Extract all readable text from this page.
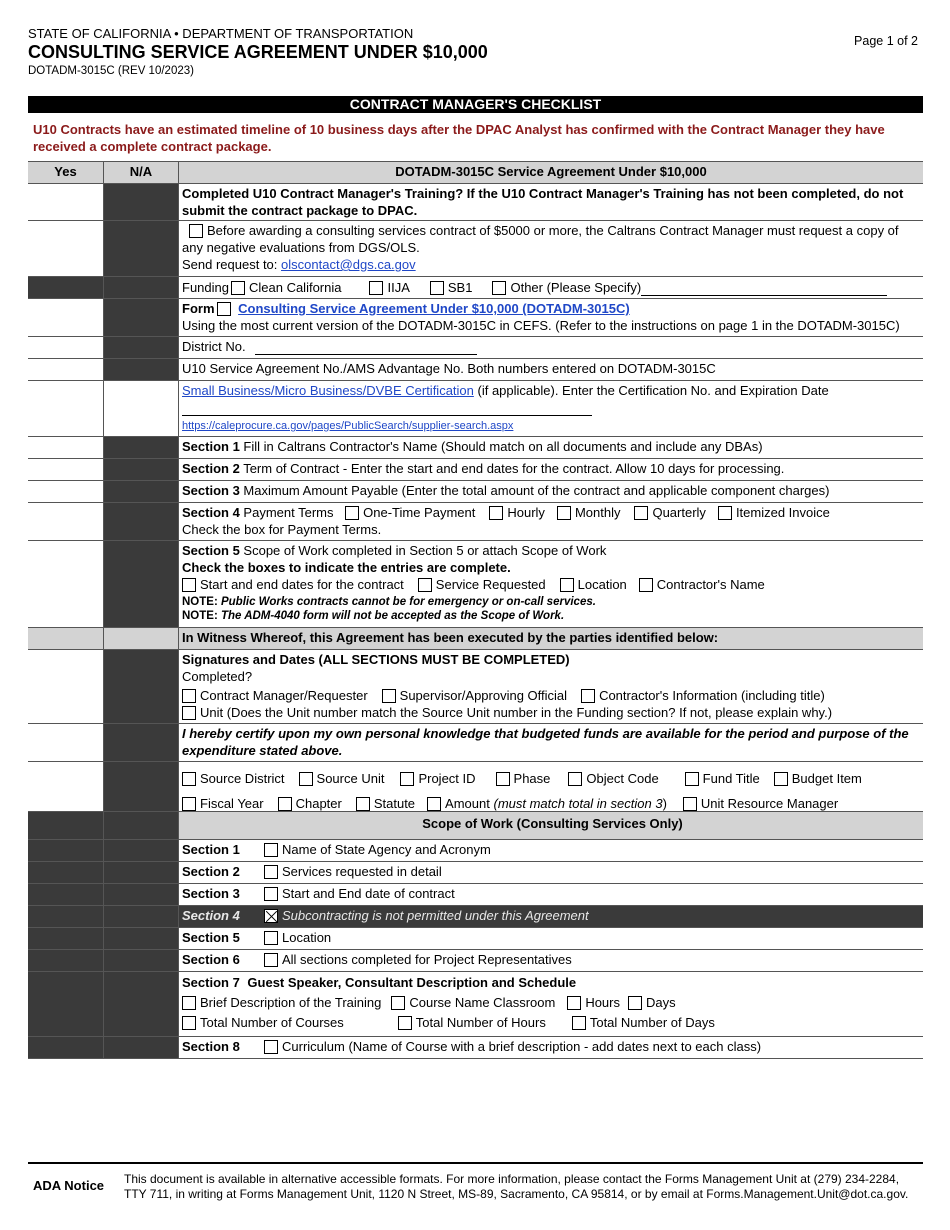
STATE OF CALIFORNIA • DEPARTMENT OF TRANSPORTATION
CONSULTING SERVICE AGREEMENT UNDER $10,000
DOTADM-3015C (REV 10/2023)
Page 1 of 2
CONTRACT MANAGER'S CHECKLIST
U10 Contracts have an estimated timeline of 10 business days after the DPAC Analyst has confirmed with the Contract Manager they have received a complete contract package.
Yes	N/A	DOTADM-3015C Service Agreement Under $10,000
Completed U10 Contract Manager's Training? If the U10 Contract Manager's Training has not been completed, do not submit the contract package to DPAC.
Before awarding a consulting services contract of $5000 or more, the Caltrans Contract Manager must request a copy of any negative evaluations from DGS/OLS.
Send request to: olscontact@dgs.ca.gov
Funding Clean California	IIJA	SB1	Other (Please Specify)
Form Consulting Service Agreement Under $10,000 (DOTADM-3015C)
Using the most current version of the DOTADM-3015C in CEFS. (Refer to the instructions on page 1 in the DOTADM-3015C)
District No.
U10 Service Agreement No./AMS Advantage No. Both numbers entered on DOTADM-3015C
Small Business/Micro Business/DVBE Certification (if applicable). Enter the Certification No. and Expiration Date

https://caleprocure.ca.gov/pages/PublicSearch/supplier-search.aspx
Section 1 Fill in Caltrans Contractor's Name (Should match on all documents and include any DBAs)
Section 2 Term of Contract - Enter the start and end dates for the contract. Allow 10 days for processing.
Section 3 Maximum Amount Payable (Enter the total amount of the contract and applicable component charges)
Section 4 Payment Terms One-Time Payment Hourly Monthly Quarterly Itemized Invoice
Check the box for Payment Terms.
Section 5 Scope of Work completed in Section 5 or attach Scope of Work
Check the boxes to indicate the entries are complete.
Start and end dates for the contract Service Requested Location Contractor's Name

NOTE: Public Works contracts cannot be for emergency or on-call services.
NOTE: The ADM-4040 form will not be accepted as the Scope of Work.
In Witness Whereof, this Agreement has been executed by the parties identified below:
Signatures and Dates (ALL SECTIONS MUST BE COMPLETED)
Completed?
Contract Manager/Requester Supervisor/Approving Official Contractor's Information (including title)
Unit (Does the Unit number match the Source Unit number in the Funding section? If not, please explain why.)
I hereby certify upon my own personal knowledge that budgeted funds are available for the period and purpose of the expenditure stated above.
Source District Source Unit	Project ID	Phase	Object Code	Fund Title Budget Item
Fiscal Year Chapter Statute Amount (must match total in section 3)	Unit Resource Manager
Scope of Work (Consulting Services Only)
Section 1	Name of State Agency and Acronym
Section 2	Services requested in detail
Section 3	Start and End date of contract
Section 4	Subcontracting is not permitted under this Agreement
Section 5	Location
Section 6	All sections completed for Project Representatives
Section 7 Guest Speaker, Consultant Description and Schedule
Brief Description of the Training Course Name Classroom Hours Days
Total Number of Courses	Total Number of Hours	Total Number of Days
Section 8	Curriculum (Name of Course with a brief description - add dates next to each class)
ADA Notice This document is available in alternative accessible formats. For more information, please contact the Forms Management Unit at (279) 234-2284, TTY 711, in writing at Forms Management Unit, 1120 N Street, MS-89, Sacramento, CA 95814, or by email at Forms.Management.Unit@dot.ca.gov.
